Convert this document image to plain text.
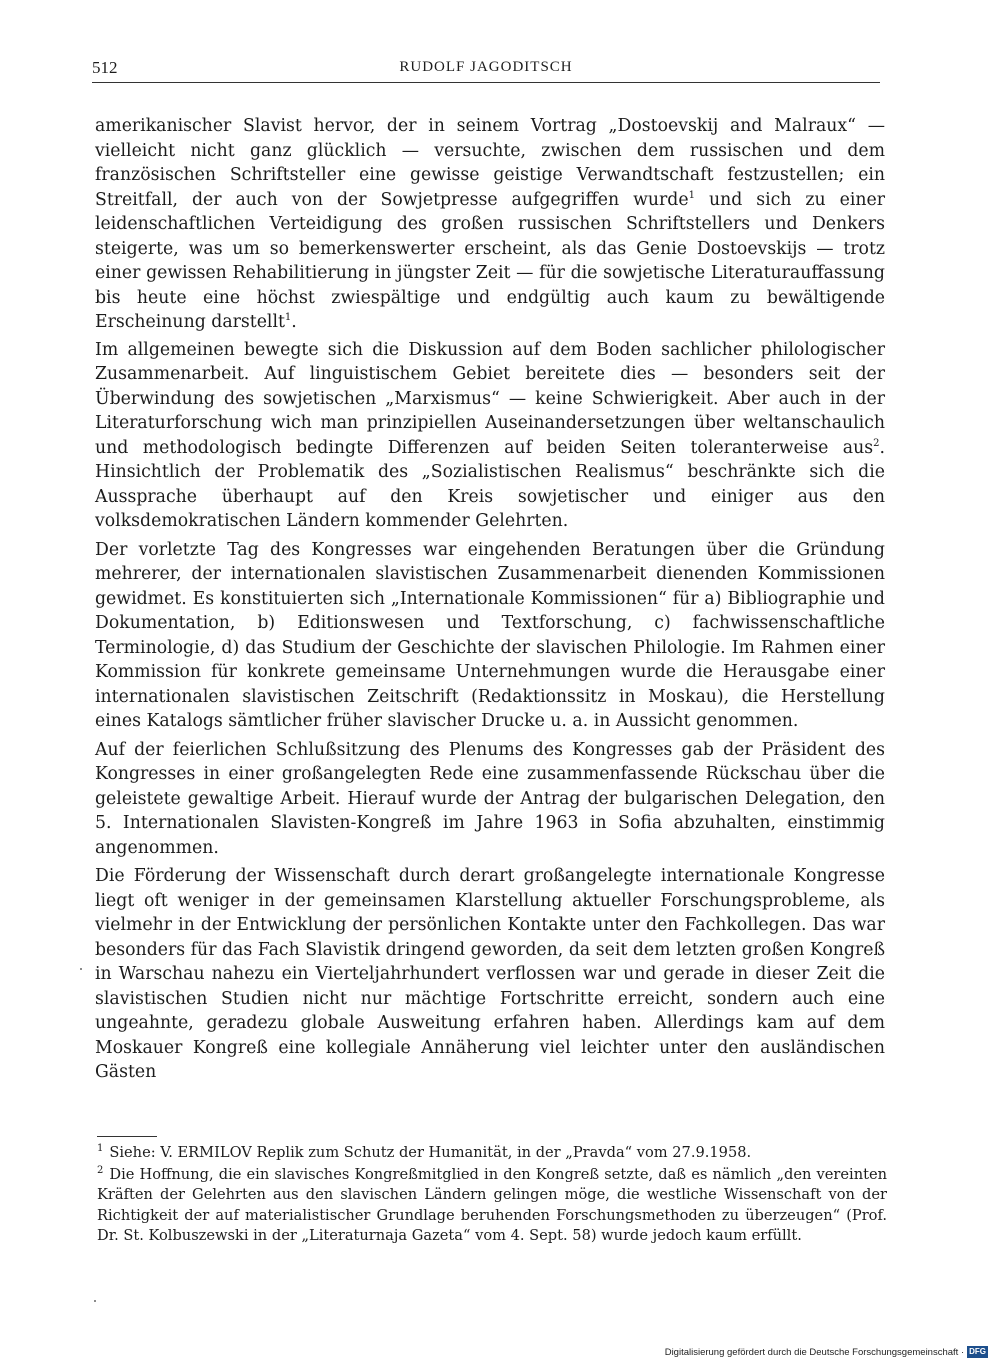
512	RUDOLF JAGODITSCH

amerikanischer Slavist hervor, der in seinem Vortrag „Dostoevskij and Malraux“ — vielleicht nicht ganz glücklich — versuchte, zwischen dem russischen und dem französischen Schriftsteller eine gewisse geistige Verwandtschaft festzustellen; ein Streitfall, der auch von der Sowjetpresse aufgegriffen wurde$^1$ und sich zu einer leidenschaftlichen Verteidigung des großen russischen Schriftstellers und Denkers steigerte, was um so bemerkenswerter erscheint, als das Genie Dostoevskijs — trotz einer gewissen Rehabilitierung in jüngster Zeit — für die sowjetische Literaturauffassung bis heute eine höchst zwiespältige und endgültig auch kaum zu bewältigende Erscheinung darstellt$^1$.

Im allgemeinen bewegte sich die Diskussion auf dem Boden sachlicher philologischer Zusammenarbeit. Auf linguistischem Gebiet bereitete dies — besonders seit der Überwindung des sowjetischen „Marxismus“ — keine Schwierigkeit. Aber auch in der Literaturforschung wich man prinzipiellen Auseinandersetzungen über weltanschaulich und methodologisch bedingte Differenzen auf beiden Seiten toleranterweise aus$^2$. Hinsichtlich der Problematik des „Sozialistischen Realismus“ beschränkte sich die Aussprache überhaupt auf den Kreis sowjetischer und einiger aus den volksdemokratischen Ländern kommender Gelehrten.

Der vorletzte Tag des Kongresses war eingehenden Beratungen über die Gründung mehrerer, der internationalen slavistischen Zusammenarbeit dienenden Kommissionen gewidmet. Es konstituierten sich „Internationale Kommissionen“ für a) Bibliographie und Dokumentation, b) Editionswesen und Textforschung, c) fachwissenschaftliche Terminologie, d) das Studium der Geschichte der slavischen Philologie. Im Rahmen einer Kommission für konkrete gemeinsame Unternehmungen wurde die Herausgabe einer internationalen slavistischen Zeitschrift (Redaktionssitz in Moskau), die Herstellung eines Katalogs sämtlicher früher slavischer Drucke u. a. in Aussicht genommen.

Auf der feierlichen Schlußsitzung des Plenums des Kongresses gab der Präsident des Kongresses in einer großangelegten Rede eine zusammenfassende Rückschau über die geleistete gewaltige Arbeit. Hierauf wurde der Antrag der bulgarischen Delegation, den 5. Internationalen Slavisten-Kongreß im Jahre 1963 in Sofia abzuhalten, einstimmig angenommen.

Die Förderung der Wissenschaft durch derart großangelegte internationale Kongresse liegt oft weniger in der gemeinsamen Klarstellung aktueller Forschungsprobleme, als vielmehr in der Entwicklung der persönlichen Kontakte unter den Fachkollegen. Das war besonders für das Fach Slavistik dringend geworden, da seit dem letzten großen Kongreß in Warschau nahezu ein Vierteljahrhundert verflossen war und gerade in dieser Zeit die slavistischen Studien nicht nur mächtige Fortschritte erreicht, sondern auch eine ungeahnte, geradezu globale Ausweitung erfahren haben. Allerdings kam auf dem Moskauer Kongreß eine kollegiale Annäherung viel leichter unter den ausländischen Gästen

$^1$ Siehe: V. ERMILOV Replik zum Schutz der Humanität, in der „Pravda“ vom 27.9.1958.

$^2$ Die Hoffnung, die ein slavisches Kongreßmitglied in den Kongreß setzte, daß es nämlich „den vereinten Kräften der Gelehrten aus den slavischen Ländern gelingen möge, die westliche Wissenschaft von der Richtigkeit der auf materialistischer Grundlage beruhenden Forschungsmethoden zu überzeugen“ (Prof. Dr. St. Kolbuszewski in der „Literaturnaja Gazeta“ vom 4. Sept. 58) wurde jedoch kaum erfüllt.

Digitalisierung gefördert durch die Deutsche Forschungsgemeinschaft · DFG
